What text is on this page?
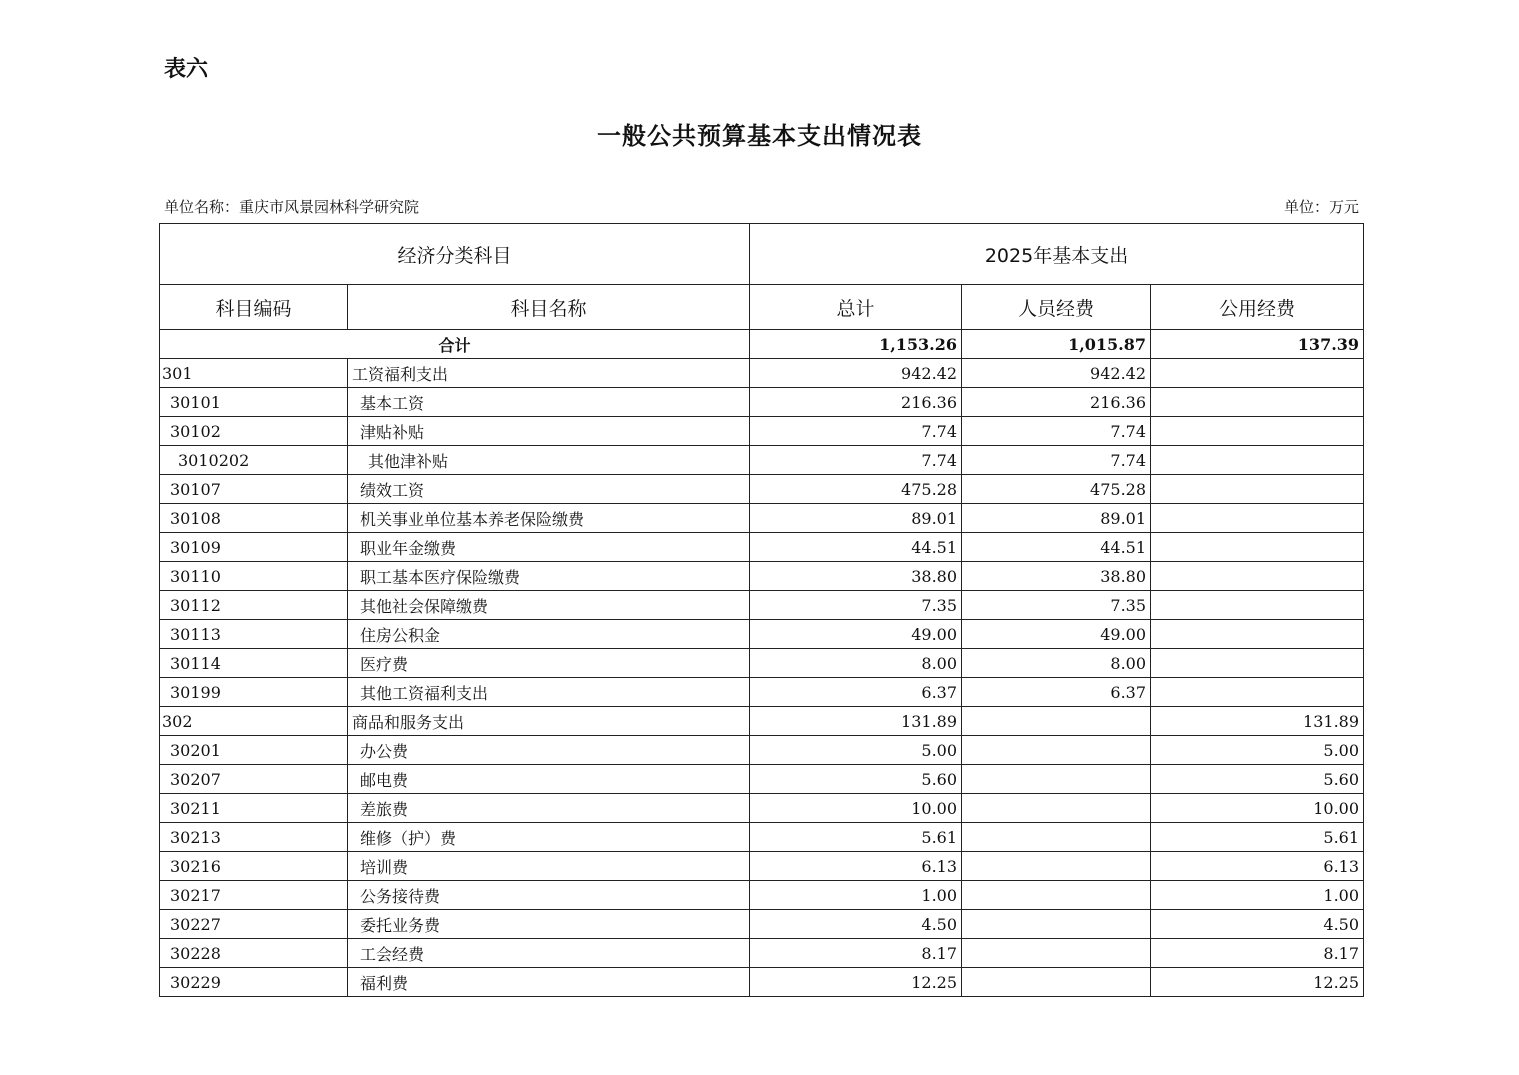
表六
一般公共预算基本支出情况表
单位名称：重庆市风景园林科学研究院	单位：万元
经济分类科目		2025年基本支出		
科目编码	科目名称	总计	人员经费	公用经费
合计		1,153.26	1,015.87	137.39
301	工资福利支出	942.42	942.42	
30101	基本工资	216.36	216.36	
30102	津贴补贴	7.74	7.74	
3010202	其他津补贴	7.74	7.74	
30107	绩效工资	475.28	475.28	
30108	机关事业单位基本养老保险缴费	89.01	89.01	
30109	职业年金缴费	44.51	44.51	
30110	职工基本医疗保险缴费	38.80	38.80	
30112	其他社会保障缴费	7.35	7.35	
30113	住房公积金	49.00	49.00	
30114	医疗费	8.00	8.00	
30199	其他工资福利支出	6.37	6.37	
302	商品和服务支出	131.89		131.89
30201	办公费	5.00		5.00
30207	邮电费	5.60		5.60
30211	差旅费	10.00		10.00
30213	维修（护）费	5.61		5.61
30216	培训费	6.13		6.13
30217	公务接待费	1.00		1.00
30227	委托业务费	4.50		4.50
30228	工会经费	8.17		8.17
30229	福利费	12.25		12.25
